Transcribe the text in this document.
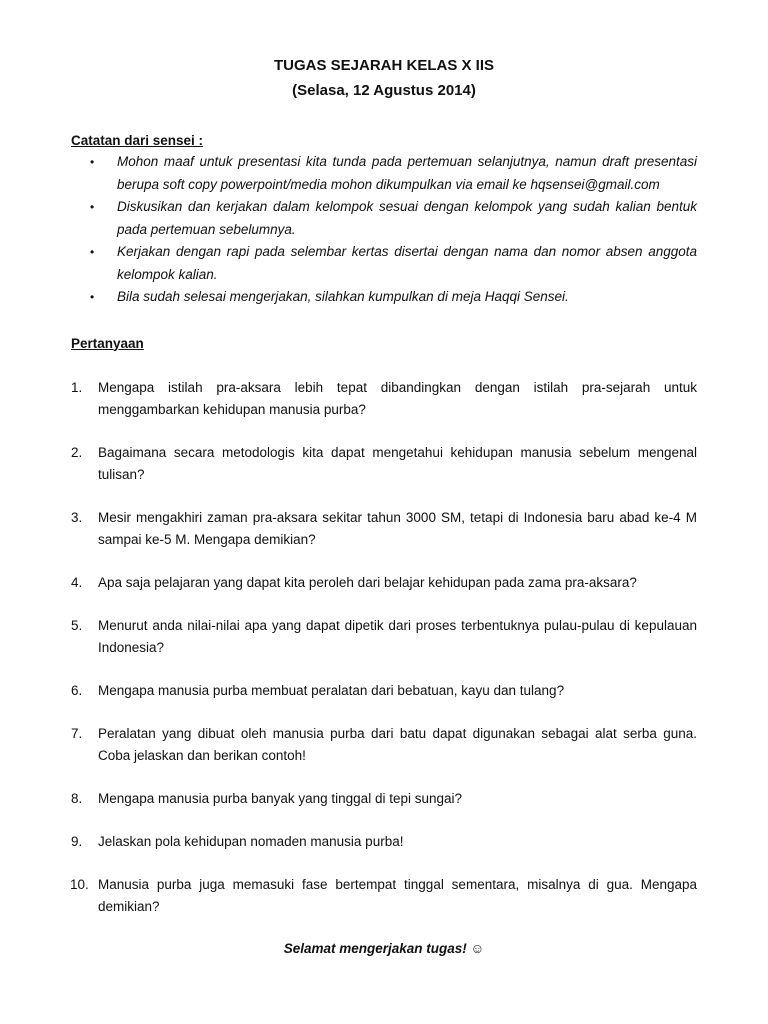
TUGAS SEJARAH KELAS X IIS
(Selasa, 12 Agustus 2014)

Catatan dari sensei :

• Mohon maaf untuk presentasi kita tunda pada pertemuan selanjutnya, namun draft presentasi berupa soft copy powerpoint/media mohon dikumpulkan via email ke hqsensei@gmail.com
• Diskusikan dan kerjakan dalam kelompok sesuai dengan kelompok yang sudah kalian bentuk pada pertemuan sebelumnya.
• Kerjakan dengan rapi pada selembar kertas disertai dengan nama dan nomor absen anggota kelompok kalian.
• Bila sudah selesai mengerjakan, silahkan kumpulkan di meja Haqqi Sensei.

Pertanyaan

1. Mengapa istilah pra-aksara lebih tepat dibandingkan dengan istilah pra-sejarah untuk menggambarkan kehidupan manusia purba?
2. Bagaimana secara metodologis kita dapat mengetahui kehidupan manusia sebelum mengenal tulisan?
3. Mesir mengakhiri zaman pra-aksara sekitar tahun 3000 SM, tetapi di Indonesia baru abad ke-4 M sampai ke-5 M. Mengapa demikian?
4. Apa saja pelajaran yang dapat kita peroleh dari belajar kehidupan pada zama pra-aksara?
5. Menurut anda nilai-nilai apa yang dapat dipetik dari proses terbentuknya pulau-pulau di kepulauan Indonesia?
6. Mengapa manusia purba membuat peralatan dari bebatuan, kayu dan tulang?
7. Peralatan yang dibuat oleh manusia purba dari batu dapat digunakan sebagai alat serba guna. Coba jelaskan dan berikan contoh!
8. Mengapa manusia purba banyak yang tinggal di tepi sungai?
9. Jelaskan pola kehidupan nomaden manusia purba!
10. Manusia purba juga memasuki fase bertempat tinggal sementara, misalnya di gua. Mengapa demikian?

Selamat mengerjakan tugas! ☺
